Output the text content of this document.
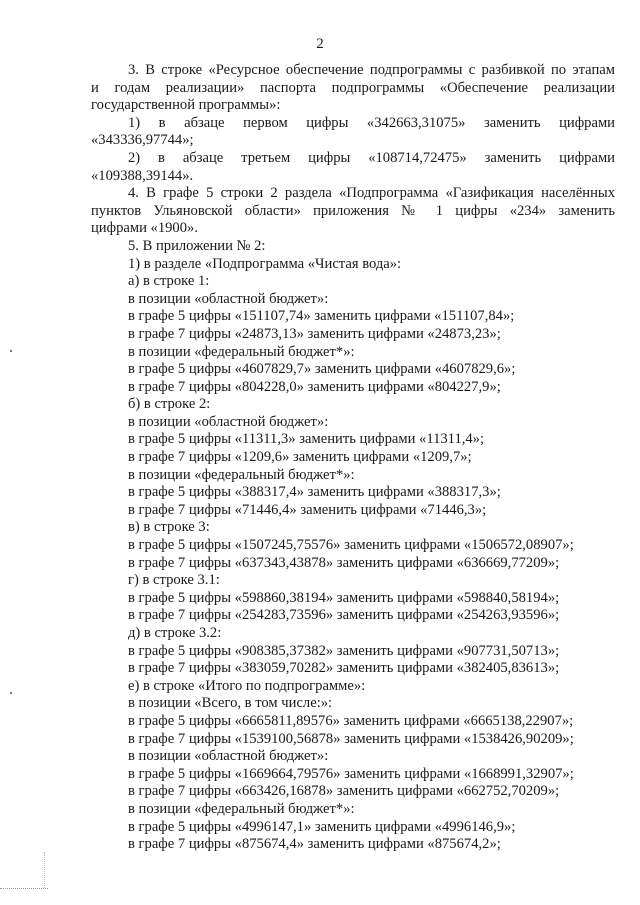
2

3. В строке «Ресурсное обеспечение подпрограммы с разбивкой по этапам

и годам реализации» паспорта подпрограммы «Обеспечение реализации

государственной программы»:

1) в абзаце первом цифры «342663,31075» заменить цифрами

«343336,97744»;

2) в абзаце третьем цифры «108714,72475» заменить цифрами

«109388,39144».

4. В графе 5 строки 2 раздела «Подпрограмма «Газификация населённых

пунктов Ульяновской области» приложения № 1 цифры «234» заменить

цифрами «1900».

5. В приложении № 2:

1) в разделе «Подпрограмма «Чистая вода»:

а) в строке 1:

в позиции «областной бюджет»:

в графе 5 цифры «151107,74» заменить цифрами «151107,84»;

в графе 7 цифры «24873,13» заменить цифрами «24873,23»;

в позиции «федеральный бюджет*»:

в графе 5 цифры «4607829,7» заменить цифрами «4607829,6»;

в графе 7 цифры «804228,0» заменить цифрами «804227,9»;

б) в строке 2:

в позиции «областной бюджет»:

в графе 5 цифры «11311,3» заменить цифрами «11311,4»;

в графе 7 цифры «1209,6» заменить цифрами «1209,7»;

в позиции «федеральный бюджет*»:

в графе 5 цифры «388317,4» заменить цифрами «388317,3»;

в графе 7 цифры «71446,4» заменить цифрами «71446,3»;

в) в строке 3:

в графе 5 цифры «1507245,75576» заменить цифрами «1506572,08907»;

в графе 7 цифры «637343,43878» заменить цифрами «636669,77209»;

г) в строке 3.1:

в графе 5 цифры «598860,38194» заменить цифрами «598840,58194»;

в графе 7 цифры «254283,73596» заменить цифрами «254263,93596»;

д) в строке 3.2:

в графе 5 цифры «908385,37382» заменить цифрами «907731,50713»;

в графе 7 цифры «383059,70282» заменить цифрами «382405,83613»;

е) в строке «Итого по подпрограмме»:

в позиции «Всего, в том числе:»:

в графе 5 цифры «6665811,89576» заменить цифрами «6665138,22907»;

в графе 7 цифры «1539100,56878» заменить цифрами «1538426,90209»;

в позиции «областной бюджет»:

в графе 5 цифры «1669664,79576» заменить цифрами «1668991,32907»;

в графе 7 цифры «663426,16878» заменить цифрами «662752,70209»;

в позиции «федеральный бюджет*»:

в графе 5 цифры «4996147,1» заменить цифрами «4996146,9»;

в графе 7 цифры «875674,4» заменить цифрами «875674,2»;
